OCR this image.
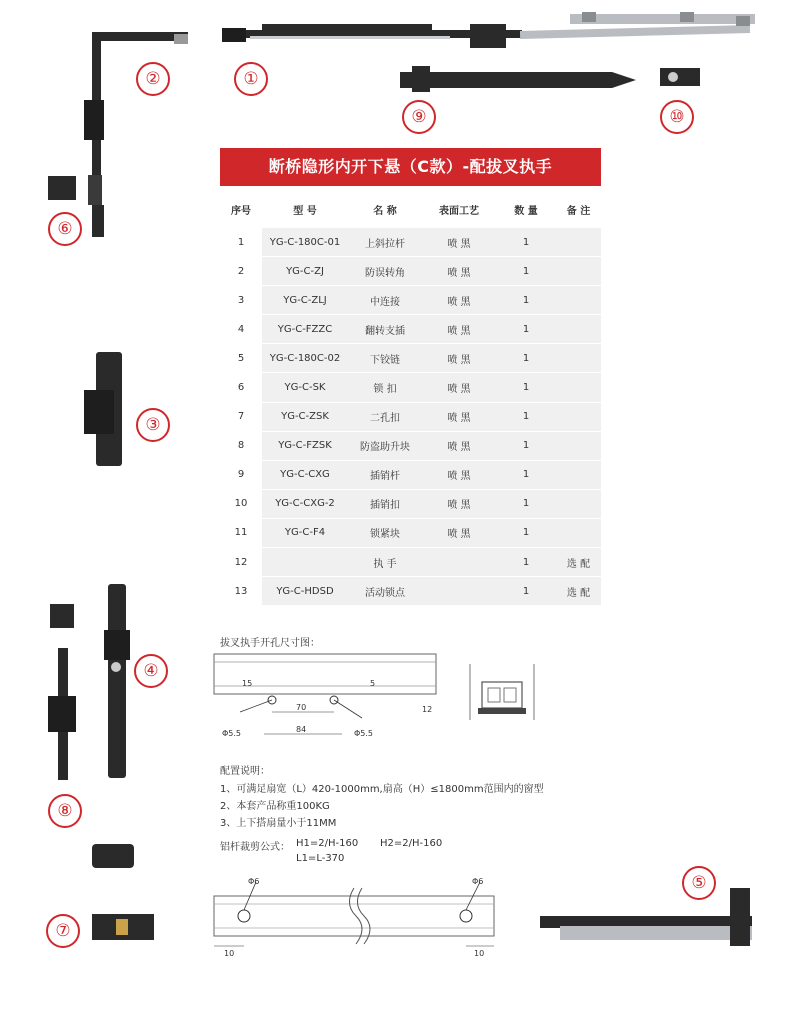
①
②
⑨	⑩
⑥
③
④
⑧
⑦
⑤
断桥隐形内开下悬（C款）-配拔叉执手
序号	型 号	名 称	表面工艺	数 量	备 注
1	YG-C-180C-01	上斜拉杆	喷 黑	1	
2	YG-C-ZJ	防误转角	喷 黑	1	
3	YG-C-ZLJ	中连接	喷 黑	1	
4	YG-C-FZZC	翻转支插	喷 黑	1	
5	YG-C-180C-02	下铰链	喷 黑	1	
6	YG-C-SK	锁 扣	喷 黑	1	
7	YG-C-ZSK	二孔扣	喷 黑	1	
8	YG-C-FZSK	防盗助升块	喷 黑	1	
9	YG-C-CXG	插销杆	喷 黑	1	
10	YG-C-CXG-2	插销扣	喷 黑	1	
11	YG-C-F4	锁紧块	喷 黑	1	
12		执 手		1	选 配
13	YG-C-HDSD	活动锁点		1	选 配
拔叉执手开孔尺寸图：
15	5
70
84
Φ5.5	Φ5.5
12
配置说明：
1、可满足扇宽（L）420-1000mm,扇高（H）≤1800mm范围内的窗型
2、本套产品称重100KG
3、上下搭扇量小于11MM
铝杆裁剪公式： H1=2/H-160 H2=2/H-160
L1=L-370
Φ6	Φ6
10	10
